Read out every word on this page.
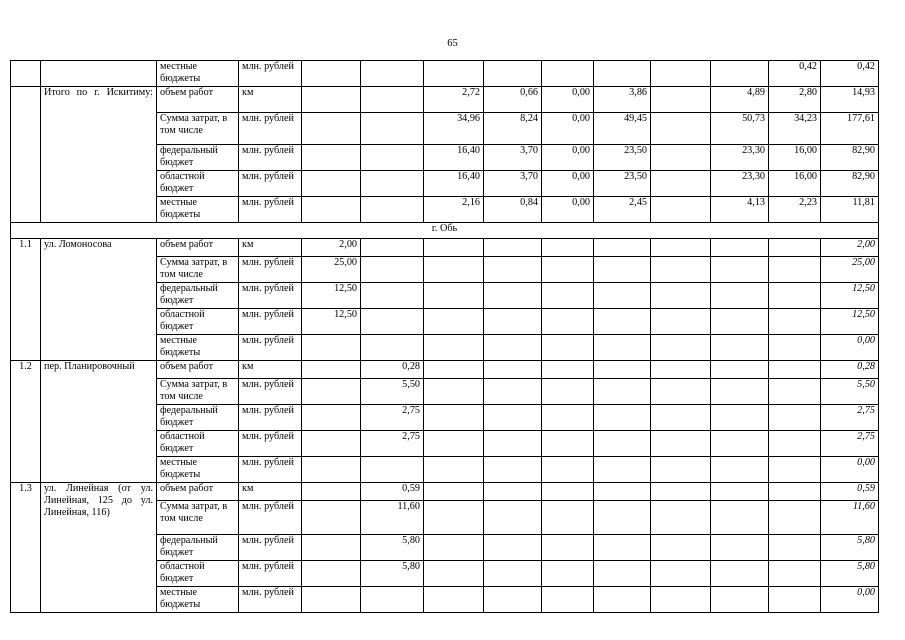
65
		местные бюджеты	млн. рублей									0,42	0,42
	Итого по г. Искитиму:	объем работ	км			2,72	0,66	0,00	3,86		4,89	2,80	14,93
		Сумма затрат, в том числе	млн. рублей			34,96	8,24	0,00	49,45		50,73	34,23	177,61
		федеральный бюджет	млн. рублей			16,40	3,70	0,00	23,50		23,30	16,00	82,90
		областной бюджет	млн. рублей			16,40	3,70	0,00	23,50		23,30	16,00	82,90
		местные бюджеты	млн. рублей			2,16	0,84	0,00	2,45		4,13	2,23	11,81
г. Обь													
1.1	ул. Ломоносова	объем работ	км	2,00									2,00
		Сумма затрат, в том числе	млн. рублей	25,00									25,00
		федеральный бюджет	млн. рублей	12,50									12,50
		областной бюджет	млн. рублей	12,50									12,50
		местные бюджеты	млн. рублей										0,00
1.2	пер. Планировочный	объем работ	км		0,28								0,28
		Сумма затрат, в том числе	млн. рублей		5,50								5,50
		федеральный бюджет	млн. рублей		2,75								2,75
		областной бюджет	млн. рублей		2,75								2,75
		местные бюджеты	млн. рублей										0,00
1.3	ул. Линейная (от ул. Линейная, 125 до ул. Линейная, 116)	объем работ	км		0,59								0,59
		Сумма затрат, в том числе	млн. рублей		11,60								11,60
		федеральный бюджет	млн. рублей		5,80								5,80
		областной бюджет	млн. рублей		5,80								5,80
		местные бюджеты	млн. рублей										0,00
